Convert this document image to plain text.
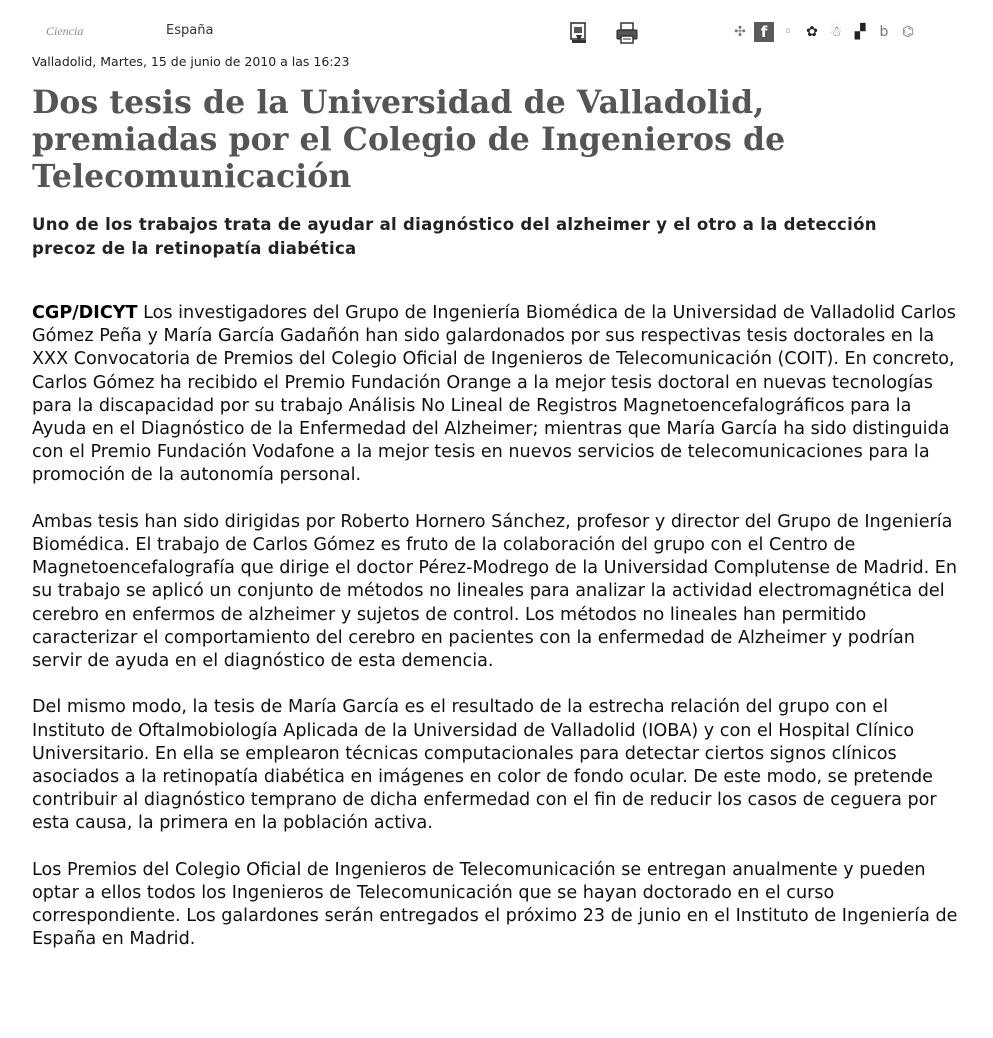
Ciencia	España	✣ f	◦	✿ ☃ ▞	b ⌬
Valladolid, Martes, 15 de junio de 2010 a las 16:23
Dos tesis de la Universidad de Valladolid, premiadas por el Colegio de Ingenieros de Telecomunicación
Uno de los trabajos trata de ayudar al diagnóstico del alzheimer y el otro a la detección precoz de la retinopatía diabética

CGP/DICYT Los investigadores del Grupo de Ingeniería Biomédica de la Universidad de Valladolid Carlos Gómez Peña y María García Gadañón han sido galardonados por sus respectivas tesis doctorales en la XXX Convocatoria de Premios del Colegio Oficial de Ingenieros de Telecomunicación (COIT). En concreto, Carlos Gómez ha recibido el Premio Fundación Orange a la mejor tesis doctoral en nuevas tecnologías para la discapacidad por su trabajo Análisis No Lineal de Registros Magnetoencefalográficos para la Ayuda en el Diagnóstico de la Enfermedad del Alzheimer; mientras que María García ha sido distinguida con el Premio Fundación Vodafone a la mejor tesis en nuevos servicios de telecomunicaciones para la promoción de la autonomía personal.

Ambas tesis han sido dirigidas por Roberto Hornero Sánchez, profesor y director del Grupo de Ingeniería Biomédica. El trabajo de Carlos Gómez es fruto de la colaboración del grupo con el Centro de Magnetoencefalografía que dirige el doctor Pérez-Modrego de la Universidad Complutense de Madrid. En su trabajo se aplicó un conjunto de métodos no lineales para analizar la actividad electromagnética del cerebro en enfermos de alzheimer y sujetos de control. Los métodos no lineales han permitido caracterizar el comportamiento del cerebro en pacientes con la enfermedad de Alzheimer y podrían servir de ayuda en el diagnóstico de esta demencia.

Del mismo modo, la tesis de María García es el resultado de la estrecha relación del grupo con el Instituto de Oftalmobiología Aplicada de la Universidad de Valladolid (IOBA) y con el Hospital Clínico Universitario. En ella se emplearon técnicas computacionales para detectar ciertos signos clínicos asociados a la retinopatía diabética en imágenes en color de fondo ocular. De este modo, se pretende contribuir al diagnóstico temprano de dicha enfermedad con el fin de reducir los casos de ceguera por esta causa, la primera en la población activa.

Los Premios del Colegio Oficial de Ingenieros de Telecomunicación se entregan anualmente y pueden optar a ellos todos los Ingenieros de Telecomunicación que se hayan doctorado en el curso correspondiente. Los galardones serán entregados el próximo 23 de junio en el Instituto de Ingeniería de España en Madrid.
